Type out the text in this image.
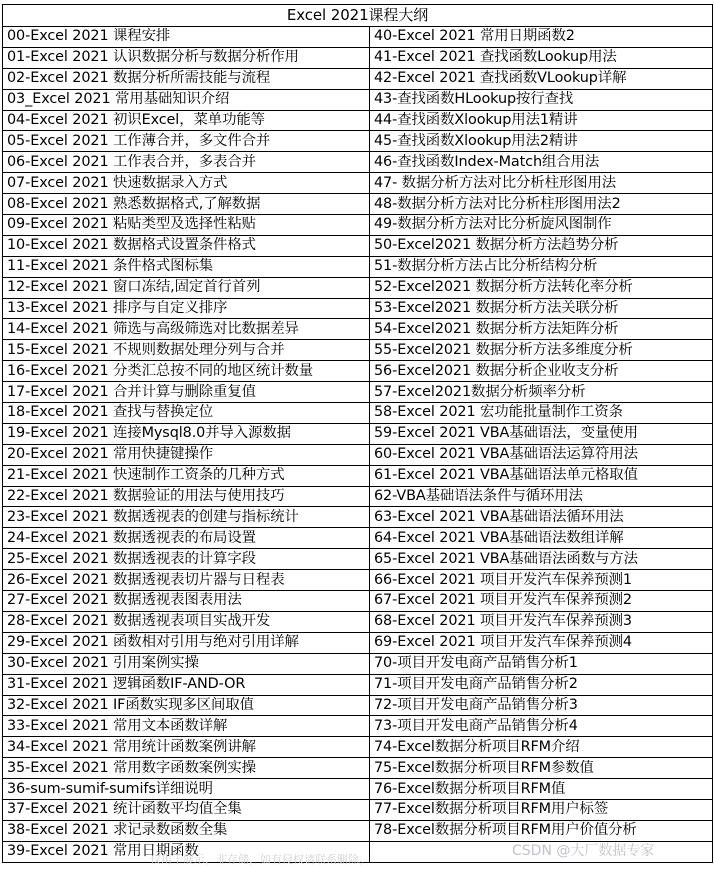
Excel 2021课程大纲	
00-Excel 2021 课程安排	40-Excel 2021 常用日期函数2
01-Excel 2021 认识数据分析与数据分析作用	41-Excel 2021 查找函数Lookup用法
02-Excel 2021 数据分析所需技能与流程	42-Excel 2021 查找函数VLookup详解
03_Excel 2021 常用基础知识介绍	43-查找函数HLookup按行查找
04-Excel 2021 初识Excel，菜单功能等	44-查找函数Xlookup用法1精讲
05-Excel 2021 工作薄合并，多文件合并	45-查找函数Xlookup用法2精讲
06-Excel 2021 工作表合并，多表合并	46-查找函数Index-Match组合用法
07-Excel 2021 快速数据录入方式	47- 数据分析方法对比分析柱形图用法
08-Excel 2021 熟悉数据格式,了解数据	48-数据分析方法对比分析柱形图用法2
09-Excel 2021 粘贴类型及选择性粘贴	49-数据分析方法对比分析旋风图制作
10-Excel 2021 数据格式设置条件格式	50-Excel2021 数据分析方法趋势分析
11-Excel 2021 条件格式图标集	51-数据分析方法占比分析结构分析
12-Excel 2021 窗口冻结,固定首行首列	52-Excel2021 数据分析方法转化率分析
13-Excel 2021 排序与自定义排序	53-Excel2021 数据分析方法关联分析
14-Excel 2021 筛选与高级筛选对比数据差异	54-Excel2021 数据分析方法矩阵分析
15-Excel 2021 不规则数据处理分列与合并	55-Excel2021 数据分析方法多维度分析
16-Excel 2021 分类汇总按不同的地区统计数量	56-Excel2021 数据分析企业收支分析
17-Excel 2021 合并计算与删除重复值	57-Excel2021数据分析频率分析
18-Excel 2021 查找与替换定位	58-Excel 2021 宏功能批量制作工资条
19-Excel 2021 连接Mysql8.0并导入源数据	59-Excel 2021 VBA基础语法，变量使用
20-Excel 2021 常用快捷键操作	60-Excel 2021 VBA基础语法运算符用法
21-Excel 2021 快速制作工资条的几种方式	61-Excel 2021 VBA基础语法单元格取值
22-Excel 2021 数据验证的用法与使用技巧	62-VBA基础语法条件与循环用法
23-Excel 2021 数据透视表的创建与指标统计	63-Excel 2021 VBA基础语法循环用法
24-Excel 2021 数据透视表的布局设置	64-Excel 2021 VBA基础语法数组详解
25-Excel 2021 数据透视表的计算字段	65-Excel 2021 VBA基础语法函数与方法
26-Excel 2021 数据透视表切片器与日程表	66-Excel 2021 项目开发汽车保养预测1
27-Excel 2021 数据透视表图表用法	67-Excel 2021 项目开发汽车保养预测2
28-Excel 2021 数据透视表项目实战开发	68-Excel 2021 项目开发汽车保养预测3
29-Excel 2021 函数相对引用与绝对引用详解	69-Excel 2021 项目开发汽车保养预测4
30-Excel 2021 引用案例实操	70-项目开发电商产品销售分析1
31-Excel 2021 逻辑函数IF-AND-OR	71-项目开发电商产品销售分析2
32-Excel 2021 IF函数实现多区间取值	72-项目开发电商产品销售分析3
33-Excel 2021 常用文本函数详解	73-项目开发电商产品销售分析4
34-Excel 2021 常用统计函数案例讲解	74-Excel数据分析项目RFM介绍
35-Excel 2021 常用数字函数案例实操	75-Excel数据分析项目RFM参数值
36-sum-sumif-sumifs详细说明	76-Excel数据分析项目RFM值
37-Excel 2021 统计函数平均值全集	77-Excel数据分析项目RFM用户标签
38-Excel 2021 求记录数函数全集	78-Excel数据分析项目RFM用户价值分析
39-Excel 2021 常用日期函数		CSDN @大厂数据专家
仅用于展示，非存储，如有侵权请联系删除。
